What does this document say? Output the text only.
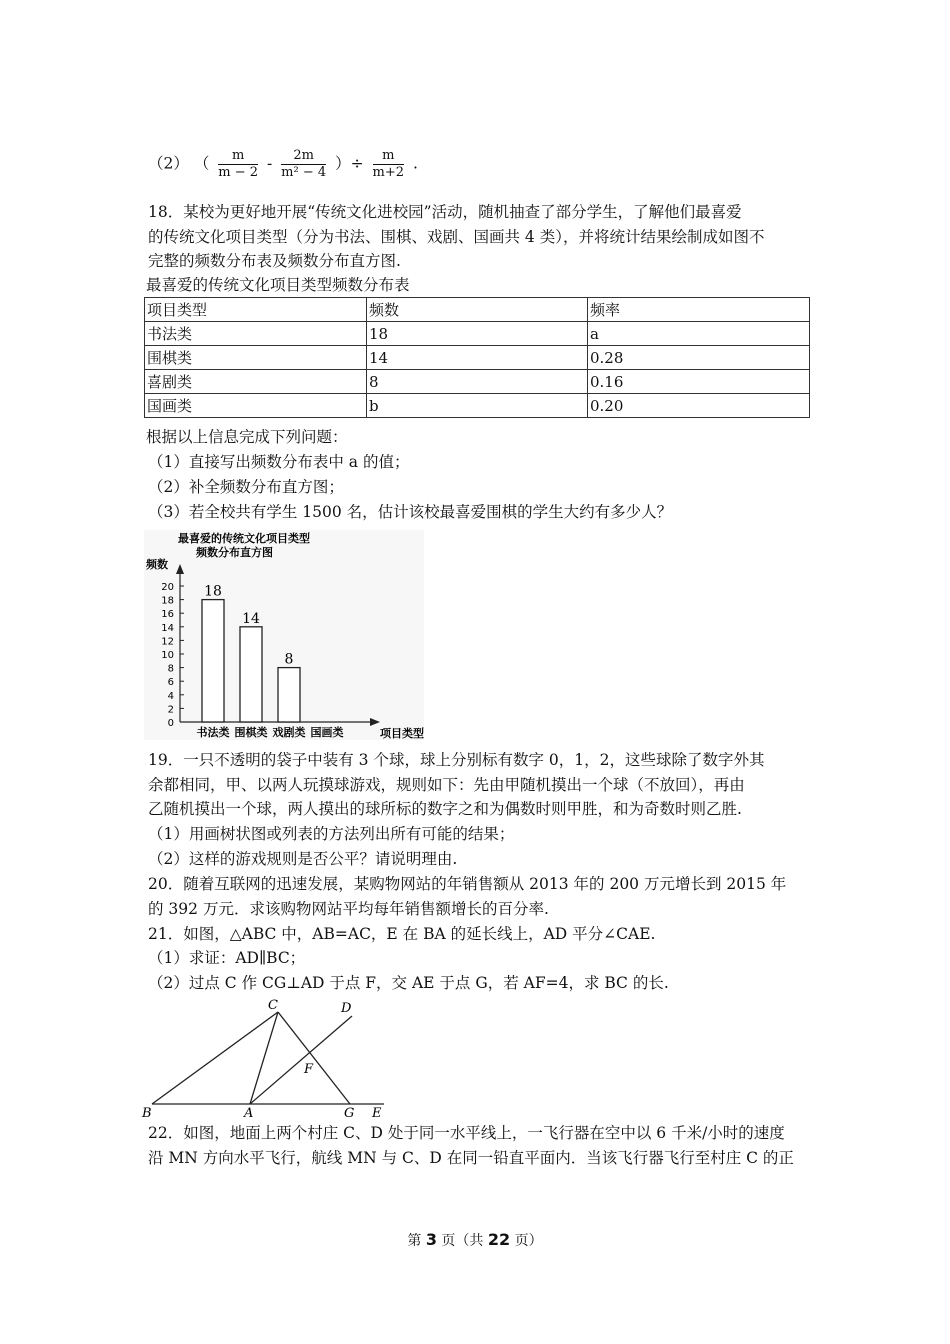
（2） （ $\frac{m}{m - 2} - \frac{2m}{\text{m² − 4}}$ ）÷ $\frac{m}{m+2}$ .
18．某校为更好地开展“传统文化进校园”活动，随机抽查了部分学生，了解他们最喜爱
的传统文化项目类型（分为书法、围棋、戏剧、国画共 4 类），并将统计结果绘制成如图不
完整的频数分布表及频数分布直方图.
最喜爱的传统文化项目类型频数分布表
项目类型	频数	频率
书法类	18	a
围棋类	14	0.28
喜剧类	8	0.16
国画类	b	0.20
根据以上信息完成下列问题：
（1）直接写出频数分布表中 a 的值；
（2）补全频数分布直方图；
（3）若全校共有学生 1500 名，估计该校最喜爱围棋的学生大约有多少人？
最喜爱的传统文化项目类型
频数分布直方图
频数
项目类型
0
2
4
6
8
10
12
14
16
18
20 18
书法类
14
围棋类
8
戏剧类 国画类
19．一只不透明的袋子中装有 3 个球，球上分别标有数字 0，1，2，这些球除了数字外其
余都相同，甲、以两人玩摸球游戏，规则如下：先由甲随机摸出一个球（不放回），再由
乙随机摸出一个球，两人摸出的球所标的数字之和为偶数时则甲胜，和为奇数时则乙胜.
（1）用画树状图或列表的方法列出所有可能的结果；
（2）这样的游戏规则是否公平？请说明理由.
20．随着互联网的迅速发展，某购物网站的年销售额从 2013 年的 200 万元增长到 2015 年
的 392 万元．求该购物网站平均每年销售额增长的百分率.
21．如图，△ABC 中，AB=AC，E 在 BA 的延长线上，AD 平分∠CAE.
（1）求证：AD∥BC；
（2）过点 C 作 CG⊥AD 于点 F，交 AE 于点 G，若 AF=4，求 BC 的长.
B	A
C	D
F
G E
22．如图，地面上两个村庄 C、D 处于同一水平线上，一飞行器在空中以 6 千米/小时的速度
沿 MN 方向水平飞行，航线 MN 与 C、D 在同一铅直平面内．当该飞行器飞行至村庄 C 的正
第 3 页（共 22 页）
